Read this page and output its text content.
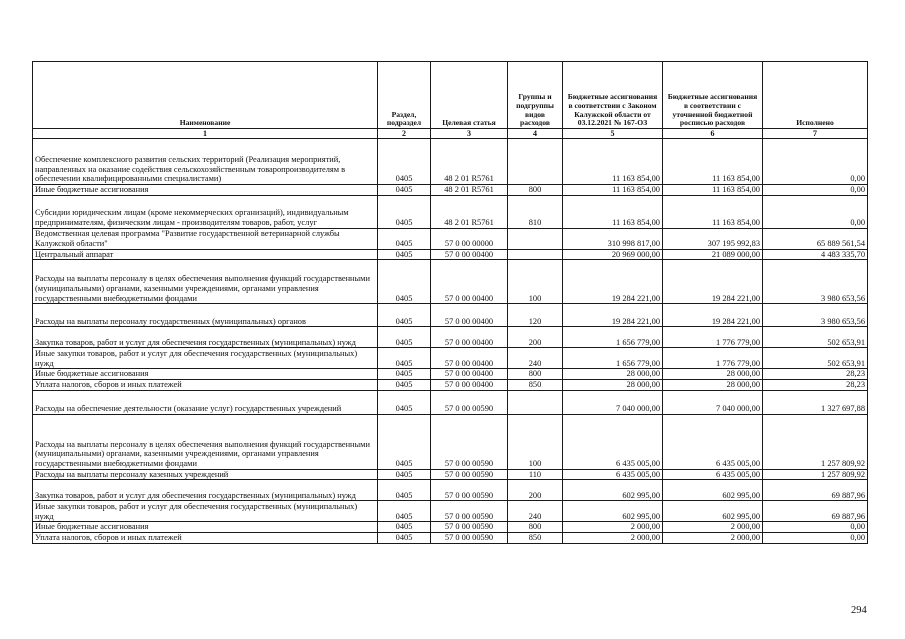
Наименование	Раздел, подраздел	Целевая статья	Группы и подгруппы видов расходов	Бюджетные ассигнования в соответствии с Законом Калужской области от 03.12.2021 № 167-ОЗ	Бюджетные ассигнования в соответствии с уточненной бюджетной росписью расходов	Исполнено
1	2	3	4	5	6	7
Обеспечение комплексного развития сельских территорий (Реализация мероприятий, направленных на оказание содействия сельскохозяйственным товаропроизводителям в обеспечении квалифицированными специалистами)	0405	48 2 01 R5761		11 163 854,00	11 163 854,00	0,00
Иные бюджетные ассигнования	0405	48 2 01 R5761	800	11 163 854,00	11 163 854,00	0,00
Субсидии юридическим лицам (кроме некоммерческих организаций), индивидуальным предпринимателям, физическим лицам - производителям товаров, работ, услуг	0405	48 2 01 R5761	810	11 163 854,00	11 163 854,00	0,00
Ведомственная целевая программа "Развитие государственной ветеринарной службы Калужской области"	0405	57 0 00 00000		310 998 817,00	307 195 992,83	65 889 561,54
Центральный аппарат	0405	57 0 00 00400		20 969 000,00	21 089 000,00	4 483 335,70
Расходы на выплаты персоналу в целях обеспечения выполнения функций государственными (муниципальными) органами, казенными учреждениями, органами управления государственными внебюджетными фондами	0405	57 0 00 00400	100	19 284 221,00	19 284 221,00	3 980 653,56
Расходы на выплаты персоналу государственных (муниципальных) органов	0405	57 0 00 00400	120	19 284 221,00	19 284 221,00	3 980 653,56
Закупка товаров, работ и услуг для обеспечения государственных (муниципальных) нужд	0405	57 0 00 00400	200	1 656 779,00	1 776 779,00	502 653,91
Иные закупки товаров, работ и услуг для обеспечения государственных (муниципальных) нужд	0405	57 0 00 00400	240	1 656 779,00	1 776 779,00	502 653,91
Иные бюджетные ассигнования	0405	57 0 00 00400	800	28 000,00	28 000,00	28,23
Уплата налогов, сборов и иных платежей	0405	57 0 00 00400	850	28 000,00	28 000,00	28,23
Расходы на обеспечение деятельности (оказание услуг) государственных учреждений	0405	57 0 00 00590		7 040 000,00	7 040 000,00	1 327 697,88
Расходы на выплаты персоналу в целях обеспечения выполнения функций государственными (муниципальными) органами, казенными учреждениями, органами управления государственными внебюджетными фондами	0405	57 0 00 00590	100	6 435 005,00	6 435 005,00	1 257 809,92
Расходы на выплаты персоналу казенных учреждений	0405	57 0 00 00590	110	6 435 005,00	6 435 005,00	1 257 809,92
Закупка товаров, работ и услуг для обеспечения государственных (муниципальных) нужд	0405	57 0 00 00590	200	602 995,00	602 995,00	69 887,96
Иные закупки товаров, работ и услуг для обеспечения государственных (муниципальных) нужд	0405	57 0 00 00590	240	602 995,00	602 995,00	69 887,96
Иные бюджетные ассигнования	0405	57 0 00 00590	800	2 000,00	2 000,00	0,00
Уплата налогов, сборов и иных платежей	0405	57 0 00 00590	850	2 000,00	2 000,00	0,00
294
